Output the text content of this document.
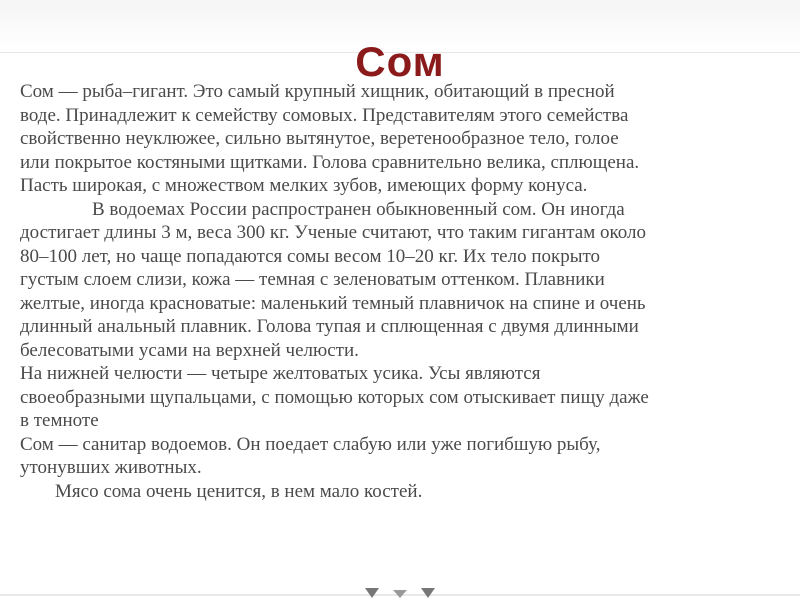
Сом
Сом — рыба–гигант. Это самый крупный хищник, обитающий в пресной
воде. Принадлежит к семейству сомовых. Представителям этого семейства
свойственно неуклюжее, сильно вытянутое, веретенообразное тело, голое
или покрытое костяными щитками. Голова сравнительно велика, сплющена.
Пасть широкая, с множеством мелких зубов, имеющих форму конуса.
В водоемах России распространен обыкновенный сом. Он иногда
достигает длины 3 м, веса 300 кг. Ученые считают, что таким гигантам около
80–100 лет, но чаще попадаются сомы весом 10–20 кг. Их тело покрыто
густым слоем слизи, кожа — темная с зеленоватым оттенком. Плавники
желтые, иногда красноватые: маленький темный плавничок на спине и очень
длинный анальный плавник. Голова тупая и сплющенная с двумя длинными
белесоватыми усами на верхней челюсти.
На нижней челюсти — четыре желтоватых усика. Усы являются
своеобразными щупальцами, с помощью которых сом отыскивает пищу даже
в темноте
Сом — санитар водоемов. Он поедает слабую или уже погибшую рыбу,
утонувших животных.
Мясо сома очень ценится, в нем мало костей.
